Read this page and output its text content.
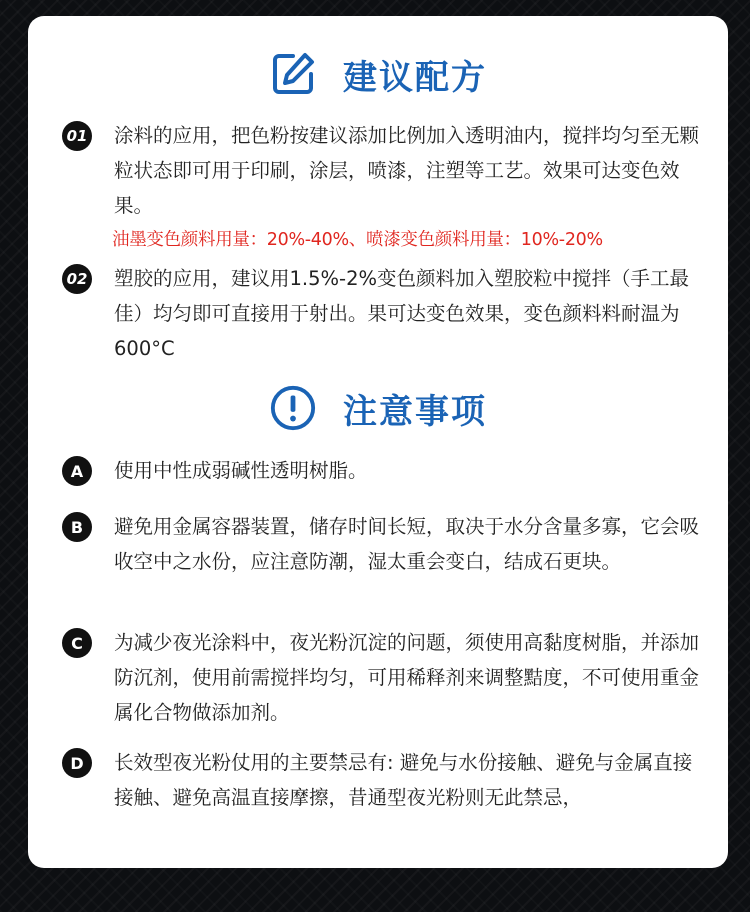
建议配方
01 涂料的应用，把色粉按建议添加比例加入透明油内，搅拌均匀至无颗粒状态即可用于印刷，涂层，喷漆，注塑等工艺。效果可达变色效果。
油墨变色颜料用量：20%-40%、喷漆变色颜料用量：10%-20%
02 塑胶的应用，建议用1.5%-2%变色颜料加入塑胶粒中搅拌（手工最佳）均匀即可直接用于射出。果可达变色效果，变色颜料料耐温为600°C
注意事项
A	使用中性成弱碱性透明树脂。
B	避免用金属容器装置，储存时间长短，取决于水分含量多寡，它会吸收空中之水份，应注意防潮，湿太重会变白，结成石更块。
C	为减少夜光涂料中，夜光粉沉淀的问题，须使用高黏度树脂，并添加防沉剂，使用前需搅拌均匀，可用稀释剂来调整黠度，不可使用重金属化合物做添加剂。
D	长效型夜光粉仗用的主要禁忌有: 避免与水份接触、避免与金属直接接触、避免高温直接摩擦，昔通型夜光粉则无此禁忌，
